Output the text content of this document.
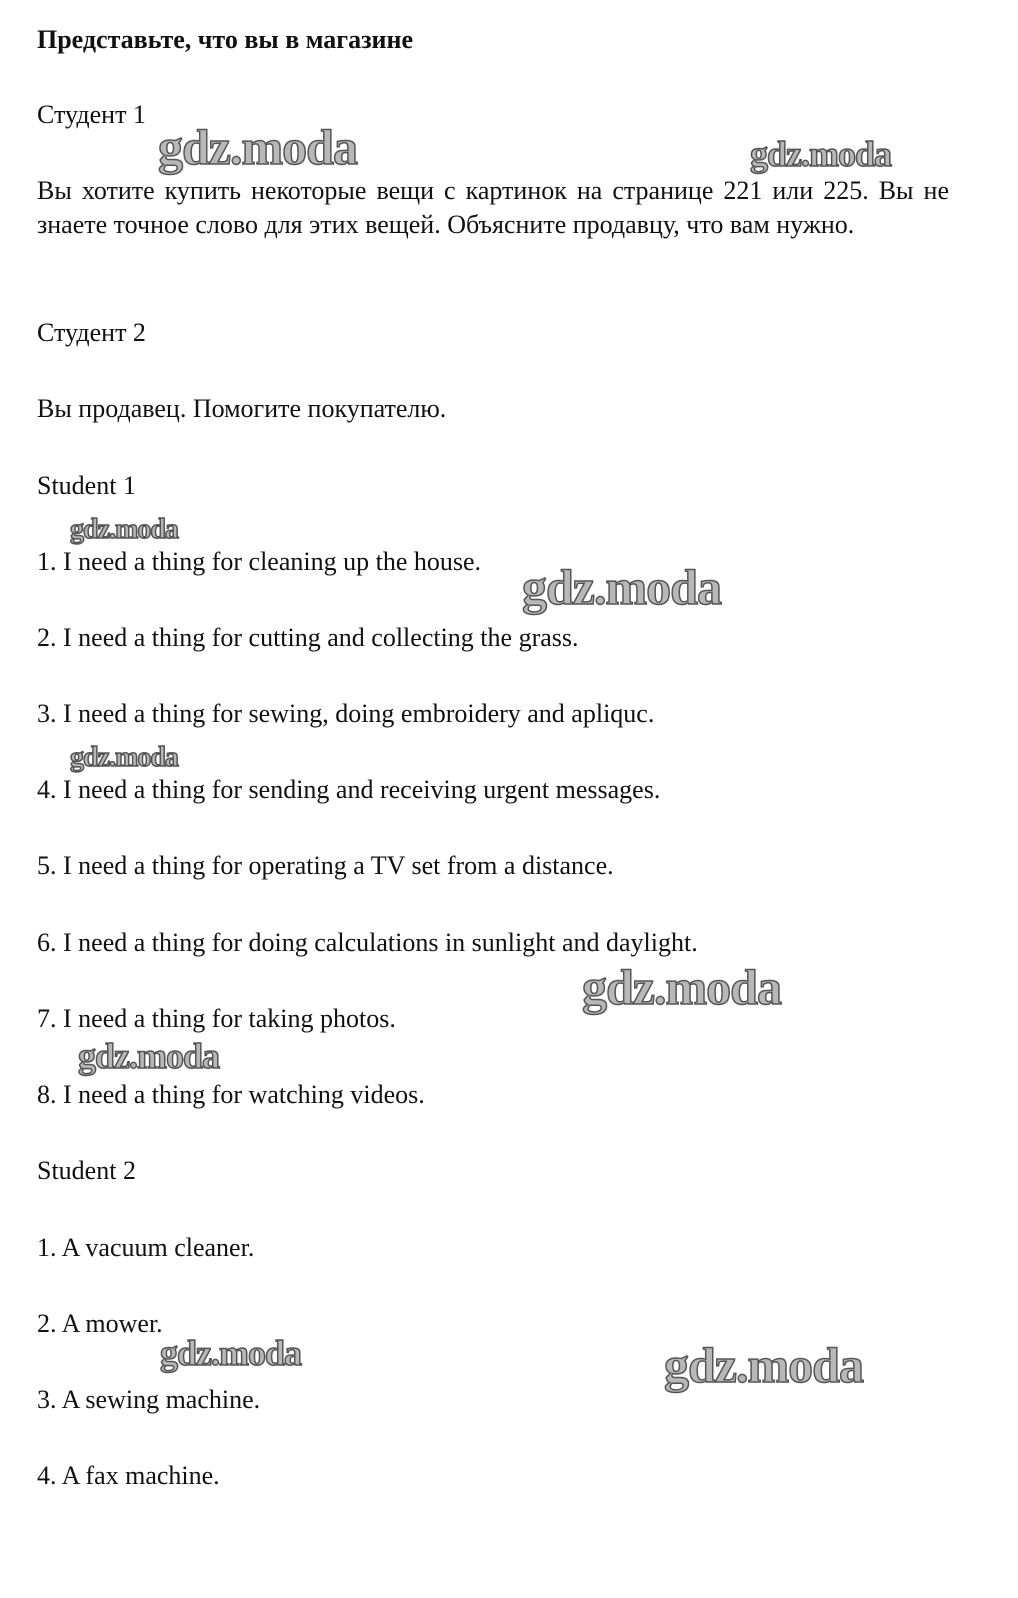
Представьте, что вы в магазине
Студент 1
Вы хотите купить некоторые вещи с картинок на странице 221 или 225. Вы не знаете точное слово для этих вещей. Объясните продавцу, что вам нужно.
Студент 2
Вы продавец. Помогите покупателю.
Student 1
1. I need a thing for cleaning up the house.
2. I need a thing for cutting and collecting the grass.
3. I need a thing for sewing, doing embroidery and apliquc.
4. I need a thing for sending and receiving urgent messages.
5. I need a thing for operating a TV set from a distance.
6. I need a thing for doing calculations in sunlight and daylight.
7. I need a thing for taking photos.
8. I need a thing for watching videos.
Student 2
1. A vacuum cleaner.
2. A mower.
3. A sewing machine.
4. A fax machine.
gdz.moda	gdz.moda
gdz.moda
gdz.moda
gdz.moda
gdz.moda
gdz.moda
gdz.moda	gdz.moda
